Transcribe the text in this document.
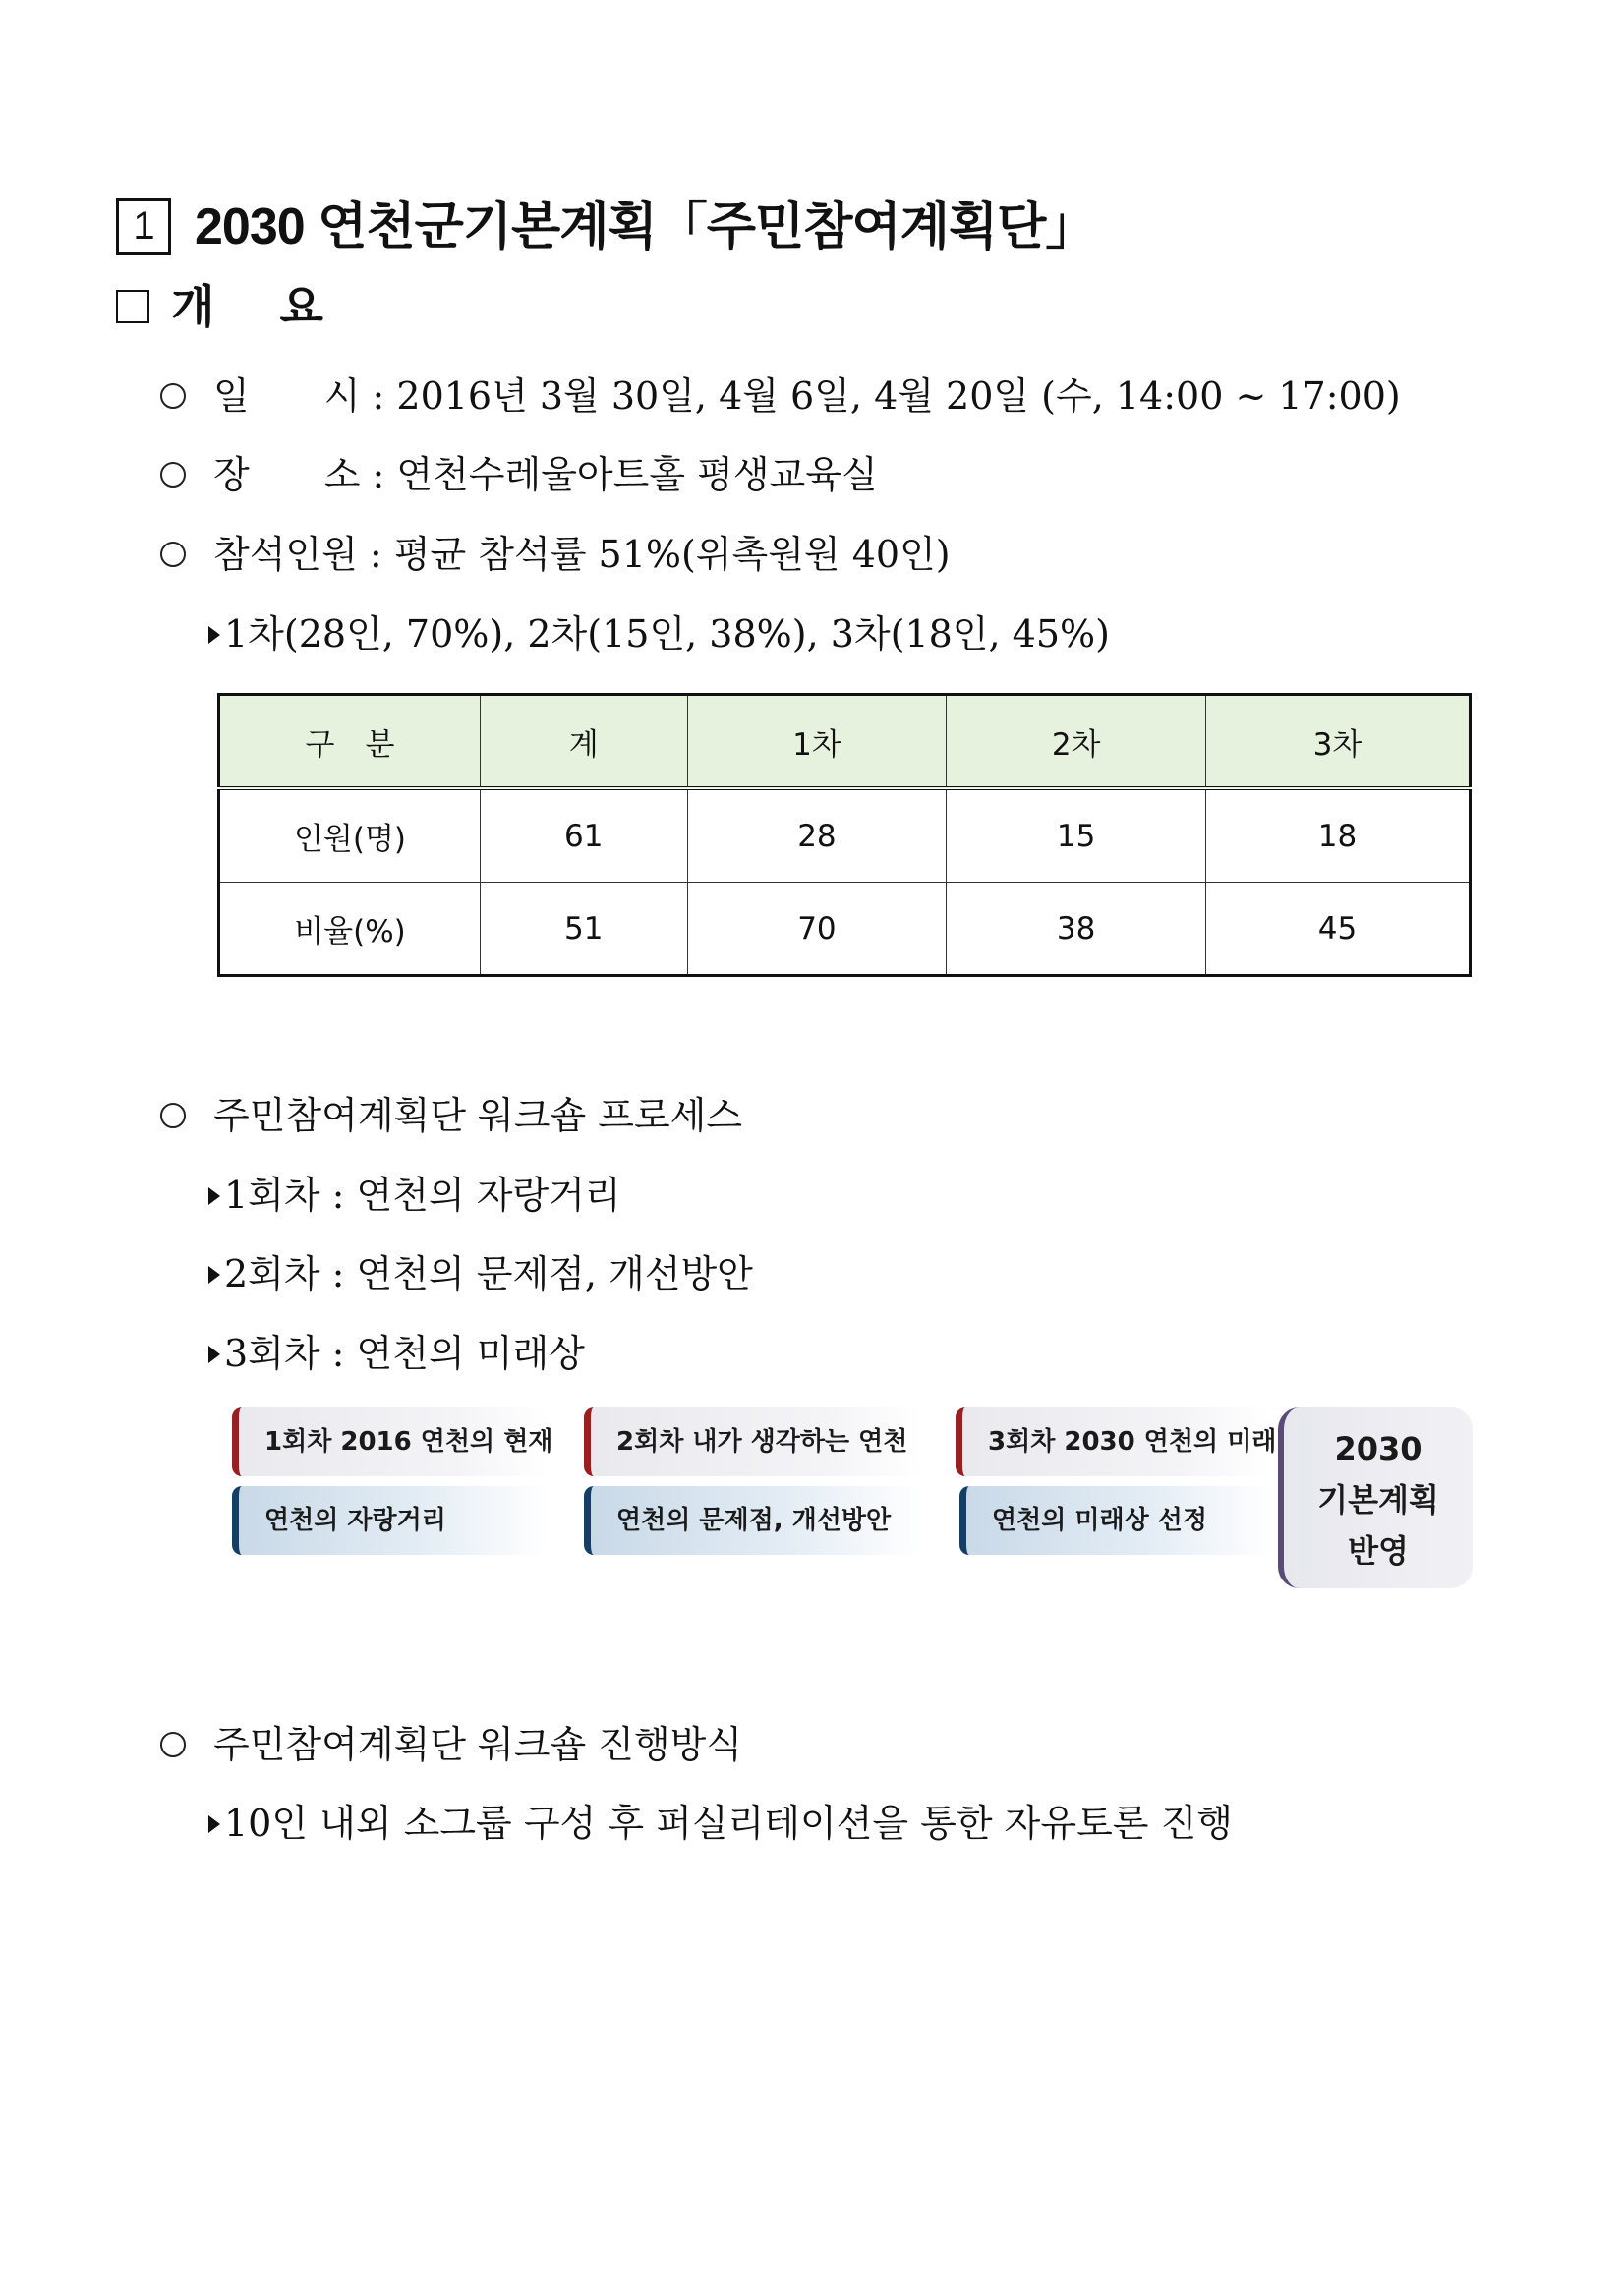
1 2030 연천군기본계획「주민참여계획단」
개 요
일　　시 : 2016년 3월 30일, 4월 6일, 4월 20일 (수, 14:00 ~ 17:00)
장　　소 : 연천수레울아트홀 평생교육실
참석인원 : 평균 참석률 51%(위촉원원 40인)
1차(28인, 70%), 2차(15인, 38%), 3차(18인, 45%)
구　분	계	1차	2차	3차
인원(명)	61	28	15	18
비율(%)	51	70	38	45
주민참여계획단 워크숍 프로세스
1회차 : 연천의 자랑거리
2회차 : 연천의 문제점, 개선방안
3회차 : 연천의 미래상
1회차 2016 연천의 현재
연천의 자랑거리
2회차 내가 생각하는 연천
연천의 문제점, 개선방안
3회차 2030 연천의 미래
연천의 미래상 선정
2030
기본계획
반영
주민참여계획단 워크숍 진행방식
10인 내외 소그룹 구성 후 퍼실리테이션을 통한 자유토론 진행
